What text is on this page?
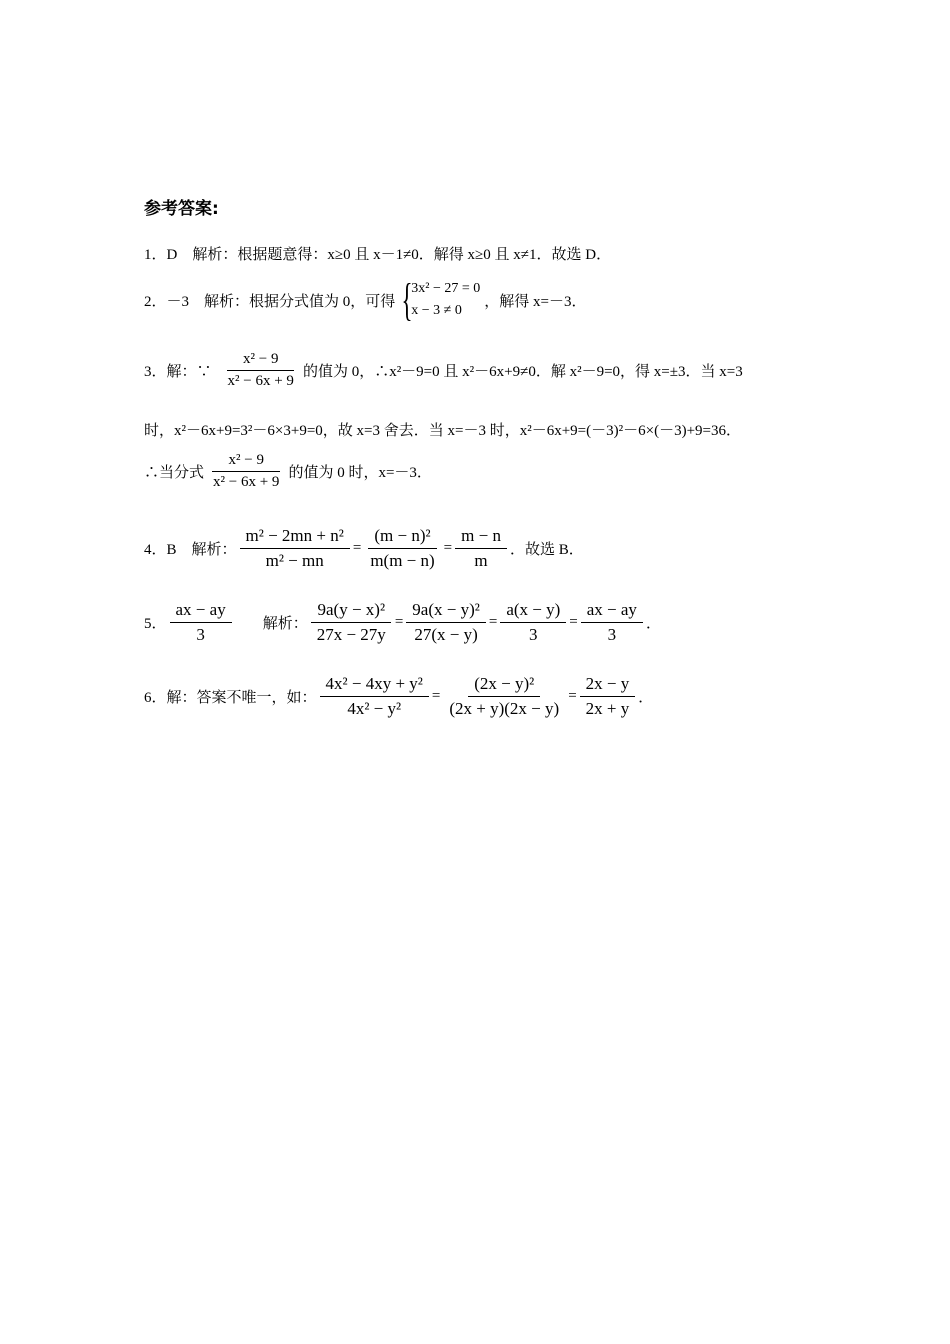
参考答案:
1．D　解析：根据题意得：x≥0 且 x－1≠0．解得 x≥0 且 x≠1．故选 D．
2．－3　解析：根据分式值为 0，可得 {
3x² − 27 = 0
x − 3 ≠ 0
，解得 x=－3．
3．解：∵ $\frac{\text{x² − 9}}{\text{x² − 6x + 9}}$ 的值为 0，∴x²－9=0 且 x²－6x+9≠0．解 x²－9=0，得 x=±3．当 x=3
时，x²－6x+9=3²－6×3+9=0，故 x=3 舍去．当 x=－3 时，x²－6x+9=(－3)²－6×(－3)+9=36．
∴当分式 $\frac{\text{x² − 9}}{\text{x² − 6x + 9}}$ 的值为 0 时，x=－3．
4．B　解析： $\frac{\text{m² − 2mn + n²}}{\text{m² − mn}} = \frac{\text{(m − n)²}}{m(m - n)} = \frac{m - n}{m}$ ．故选 B．
5． $\frac{ax - ay}{3}$ 解析： $\frac{\text{9a(y − x)²}}{27x - 27y} = \frac{\text{9a(x − y)²}}{27(x - y)} = \frac{a(x - y)}{3} = \frac{ax - ay}{3}$ ．
6．解：答案不唯一，如： $\frac{\text{4x² − 4xy + y²}}{\text{4x² − y²}} = \frac{\text{(2x − y)²}}{(2x + y)(2x - y)} = \frac{2x - y}{2x + y}$ ．
